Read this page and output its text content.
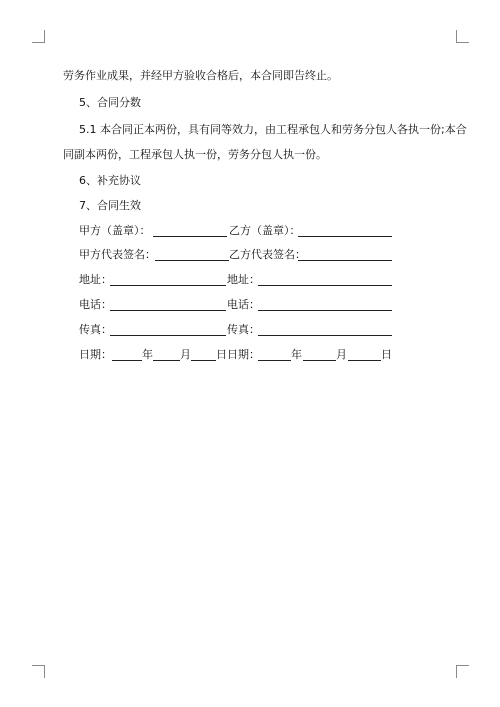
劳务作业成果，并经甲方验收合格后，本合同即告终止。
5、合同分数
5.1 本合同正本两份，具有同等效力，由工程承包人和劳务分包人各执一份;本合
同副本两份，工程承包人执一份，劳务分包人执一份。
6、补充协议
7、合同生效
甲方（盖章）：	乙方（盖章）：
甲方代表签名：	乙方代表签名：
地址：	地址：
电话：	电话：
传真：	传真：
日期：	年 月 日 日期：	年	月	日
